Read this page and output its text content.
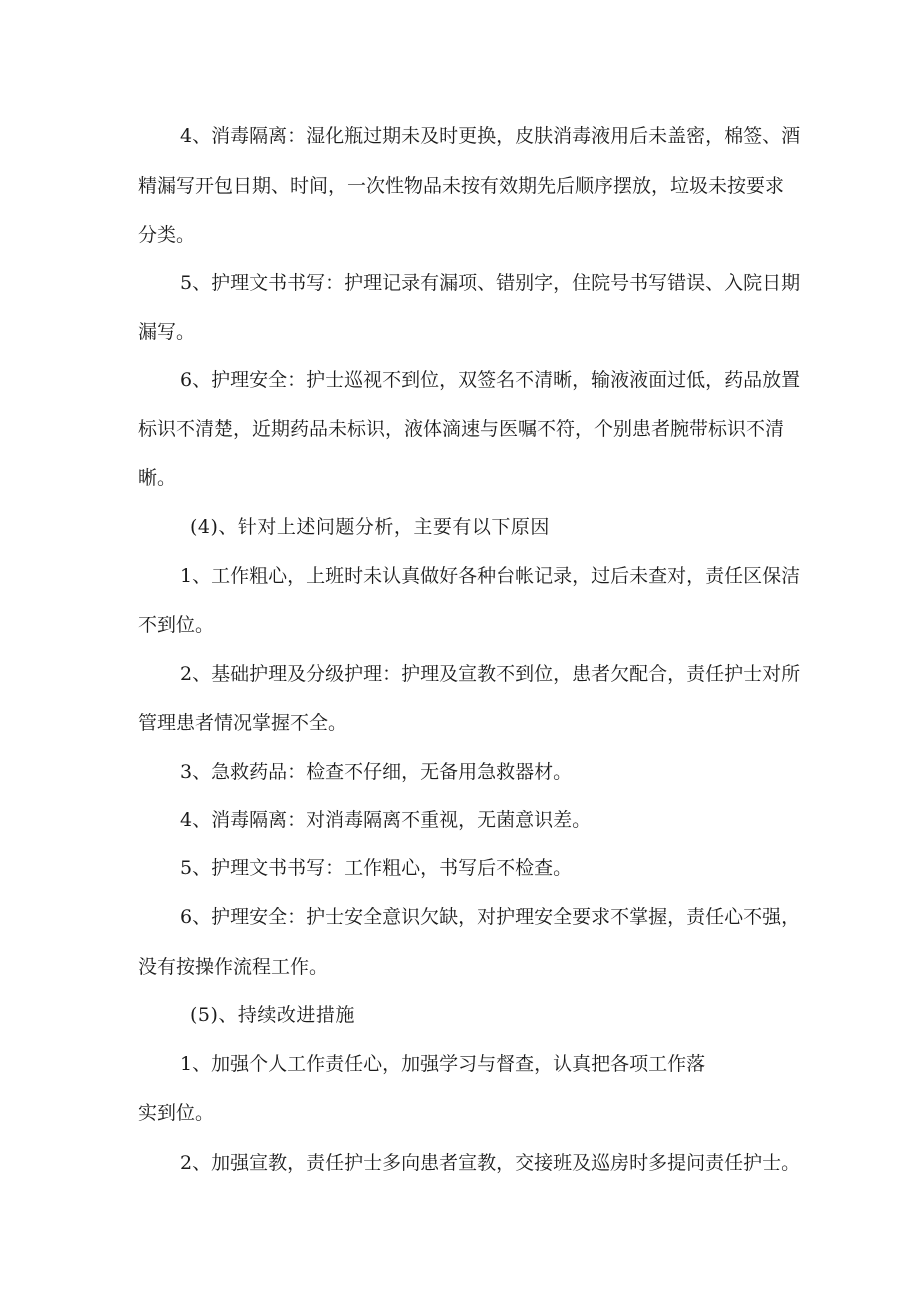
4、消毒隔离：湿化瓶过期未及时更换，皮肤消毒液用后未盖密，棉签、酒
精漏写开包日期、时间，一次性物品未按有效期先后顺序摆放，垃圾未按要求
分类。
5、护理文书书写：护理记录有漏项、错别字，住院号书写错误、入院日期
漏写。
6、护理安全：护士巡视不到位，双签名不清晰，输液液面过低，药品放置
标识不清楚，近期药品未标识，液体滴速与医嘱不符，个别患者腕带标识不清
晰。
(4)、针对上述问题分析，主要有以下原因
1、工作粗心，上班时未认真做好各种台帐记录，过后未查对，责任区保洁
不到位。
2、基础护理及分级护理：护理及宣教不到位，患者欠配合，责任护士对所
管理患者情况掌握不全。
3、急救药品：检查不仔细，无备用急救器材。
4、消毒隔离：对消毒隔离不重视，无菌意识差。
5、护理文书书写：工作粗心，书写后不检查。
6、护理安全：护士安全意识欠缺，对护理安全要求不掌握，责任心不强，
没有按操作流程工作。
(5)、持续改进措施
1、加强个人工作责任心，加强学习与督查，认真把各项工作落
实到位。
2、加强宣教，责任护士多向患者宣教，交接班及巡房时多提问责任护士。
